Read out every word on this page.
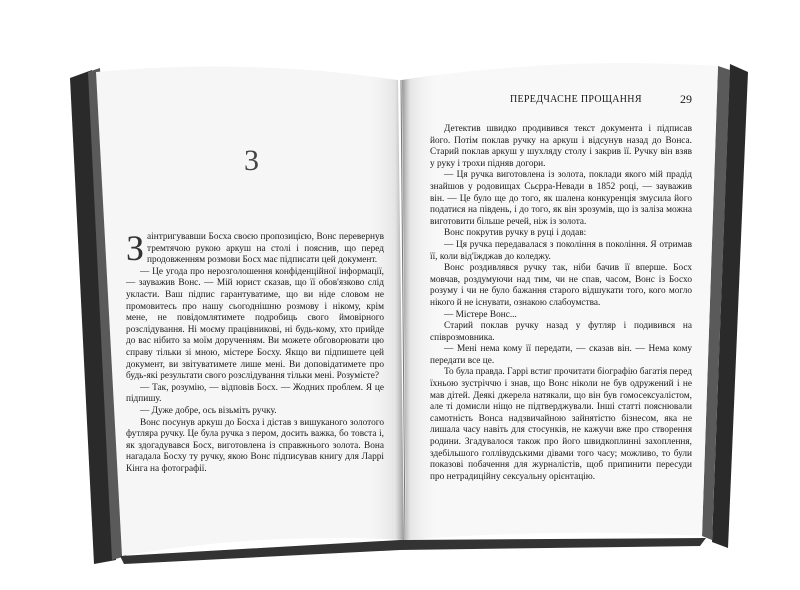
3

Заінтригувавши Босха своєю пропозицією, Вонс перевернув тремтячою рукою аркуш на столі і пояснив, що перед продовженням розмови Босх має підписати цей документ.

— Це угода про нерозголошення конфіденційної інформації, — зауважив Вонс. — Мій юрист сказав, що її обов'язково слід укласти. Ваш підпис гарантуватиме, що ви ніде словом не промовитесь про нашу сьогоднішню розмову і нікому, крім мене, не повідомлятимете подробиць свого ймовірного розслідування. Ні моєму працівникові, ні будь-кому, хто прийде до вас нібито за моїм дорученням. Ви можете обговорювати цю справу тільки зі мною, містере Босху. Якщо ви підпишете цей документ, ви звітуватимете лише мені. Ви доповідатимете про будь-які результати свого розслідування тільки мені. Розумієте?

— Так, розумію, — відповів Босх. — Жодних проблем. Я це підпишу.

— Дуже добре, ось візьміть ручку.

Вонс посунув аркуш до Босха і дістав з вишуканого золотого футляра ручку. Це була ручка з пером, досить важка, бо товста і, як здогадувався Босх, виготовлена із справжнього золота. Вона нагадала Босху ту ручку, якою Вонс підписував книгу для Ларрі Кінга на фотографії.

ПЕРЕДЧАСНЕ ПРОЩАННЯ	29

Детектив швидко продивився текст документа і підписав його. Потім поклав ручку на аркуш і відсунув назад до Вонса. Старий поклав аркуш у шухляду столу і закрив її. Ручку він взяв у руку і трохи підняв догори.

— Ця ручка виготовлена із золота, поклади якого мій прадід знайшов у родовищах Сьєрра-Невади в 1852 році, — зауважив він. — Це було ще до того, як шалена конкуренція змусила його податися на південь, і до того, як він зрозумів, що із заліза можна виготовити більше речей, ніж із золота.

Вонс покрутив ручку в руці і додав:

— Ця ручка передавалася з покоління в покоління. Я отримав її, коли від'їжджав до коледжу.

Вонс роздивлявся ручку так, ніби бачив її вперше. Босх мовчав, роздумуючи над тим, чи не спав, часом, Вонс із Босхо розуму і чи не було бажання старого відшукати того, кого могло нікого й не існувати, ознакою слабоумства.

— Містере Вонс...

Старий поклав ручку назад у футляр і подивився на співрозмовника.

— Мені нема кому її передати, — сказав він. — Нема кому передати все це.

То була правда. Гаррі встиг прочитати біографію багатія перед їхньою зустріччю і знав, що Вонс ніколи не був одружений і не мав дітей. Деякі джерела натякали, що він був гомосексуалістом, але ті домисли ніщо не підтверджували. Інші статті пояснювали самотність Вонса надзвичайною зайнятістю бізнесом, яка не лишала часу навіть для стосунків, не кажучи вже про створення родини. Згадувалося також про його швидкоплинні захоплення, здебільшого голлівудськими дівами того часу; можливо, то були показові побачення для журналістів, щоб припинити пересуди про нетрадиційну сексуальну орієнтацію.
